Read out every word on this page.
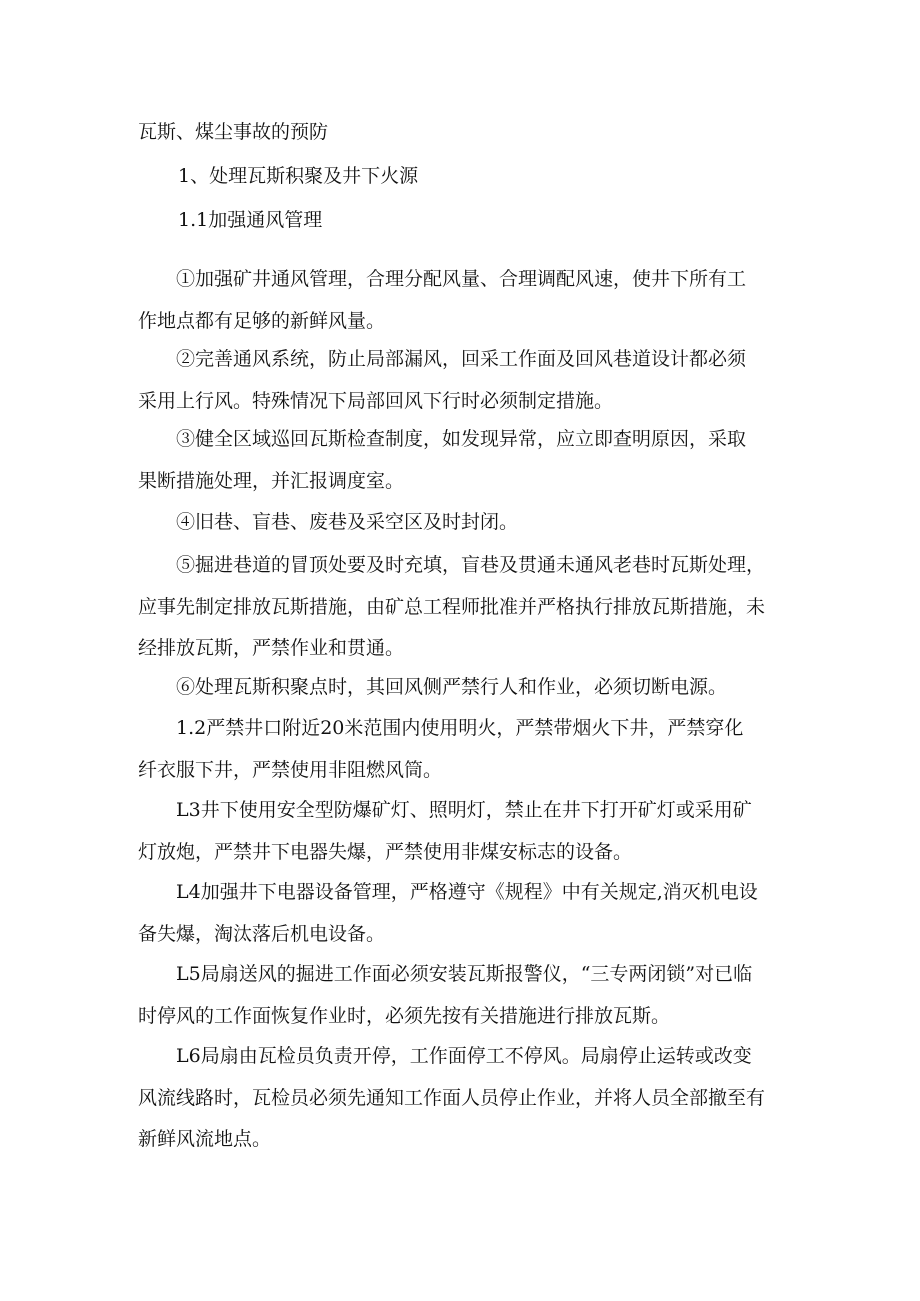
瓦斯、煤尘事故的预防
1、处理瓦斯积聚及井下火源
1.1加强通风管理
①加强矿井通风管理，合理分配风量、合理调配风速，使井下所有工
作地点都有足够的新鲜风量。
②完善通风系统，防止局部漏风，回采工作面及回风巷道设计都必须
采用上行风。特殊情况下局部回风下行时必须制定措施。
③健全区域巡回瓦斯检查制度，如发现异常，应立即查明原因，采取
果断措施处理，并汇报调度室。
④旧巷、盲巷、废巷及采空区及时封闭。
⑤掘进巷道的冒顶处要及时充填，盲巷及贯通未通风老巷时瓦斯处理，
应事先制定排放瓦斯措施，由矿总工程师批准并严格执行排放瓦斯措施，未
经排放瓦斯，严禁作业和贯通。
⑥处理瓦斯积聚点时，其回风侧严禁行人和作业，必须切断电源。
1.2严禁井口附近20米范围内使用明火，严禁带烟火下井，严禁穿化
纤衣服下井，严禁使用非阻燃风筒。
L3井下使用安全型防爆矿灯、照明灯，禁止在井下打开矿灯或采用矿
灯放炮，严禁井下电器失爆，严禁使用非煤安标志的设备。
L4加强井下电器设备管理，严格遵守《规程》中有关规定,消灭机电设
备失爆，淘汰落后机电设备。
L5局扇送风的掘进工作面必须安装瓦斯报警仪，“三专两闭锁”对已临
时停风的工作面恢复作业时，必须先按有关措施进行排放瓦斯。
L6局扇由瓦检员负责开停，工作面停工不停风。局扇停止运转或改变
风流线路时，瓦检员必须先通知工作面人员停止作业，并将人员全部撤至有
新鲜风流地点。
